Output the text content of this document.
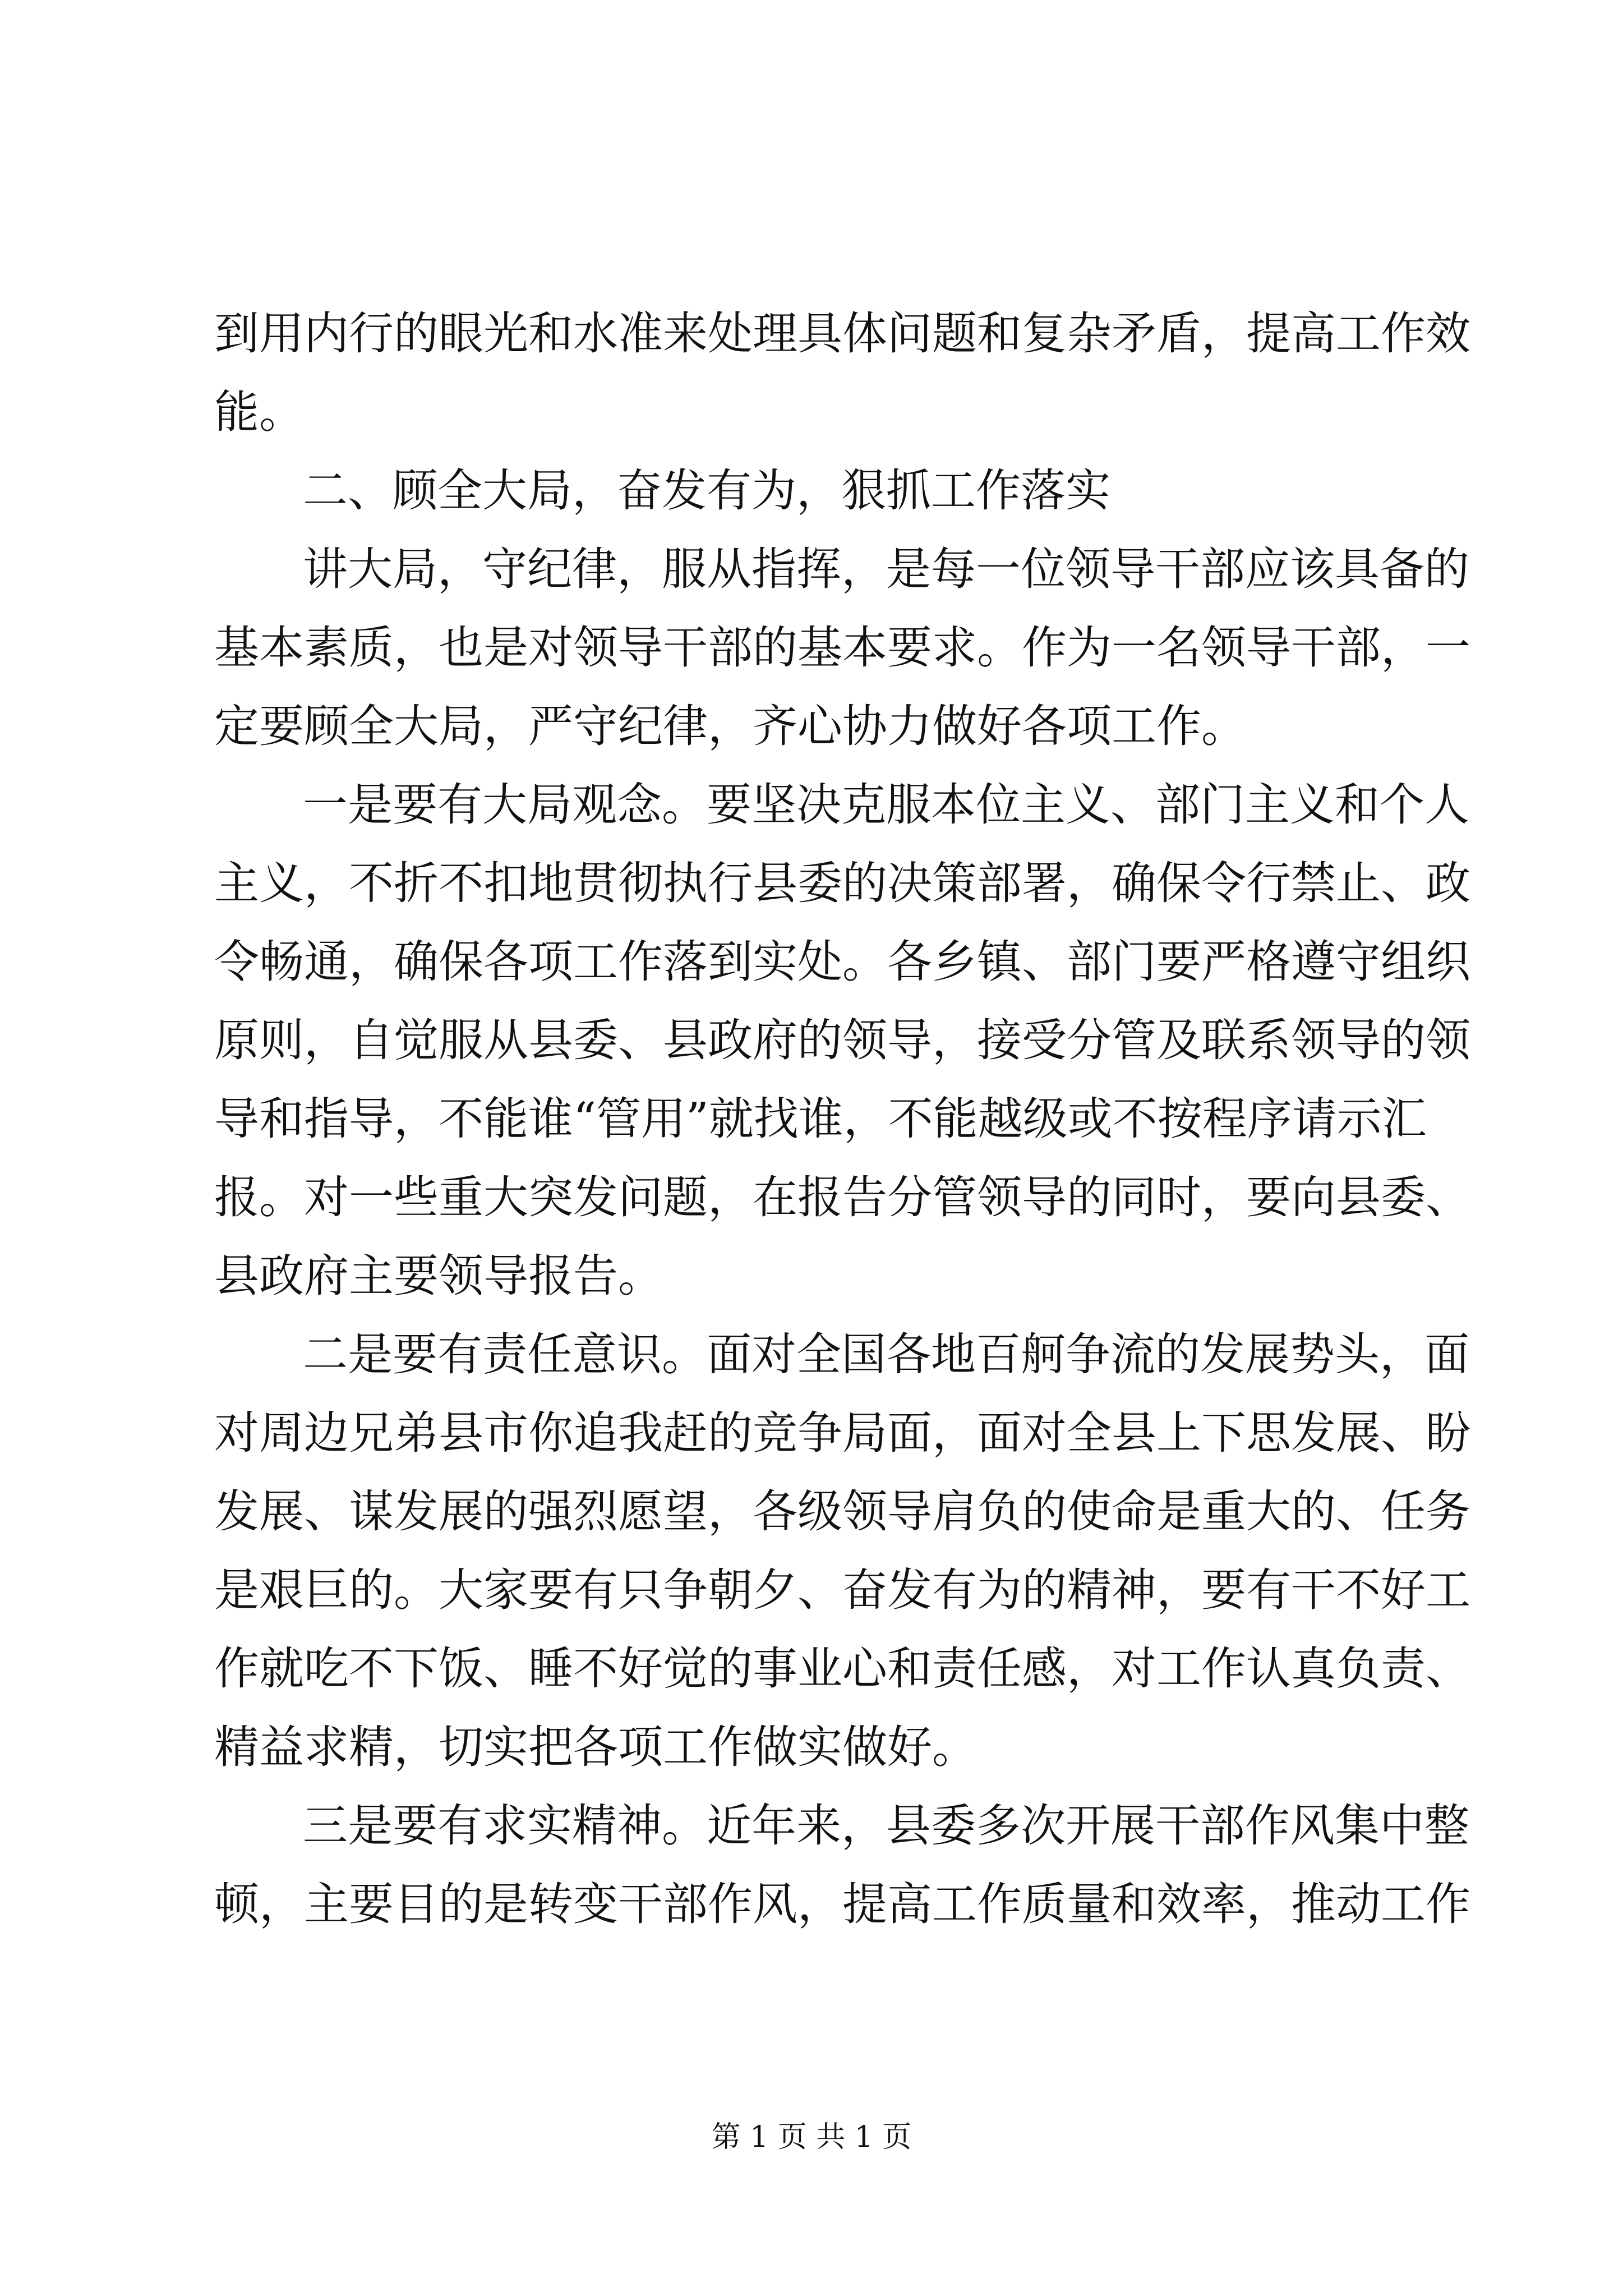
到用内行的眼光和水准来处理具体问题和复杂矛盾，提高工作效
能。
二、顾全大局，奋发有为，狠抓工作落实
讲大局，守纪律，服从指挥，是每一位领导干部应该具备的
基本素质，也是对领导干部的基本要求。作为一名领导干部，一
定要顾全大局，严守纪律，齐心协力做好各项工作。
一是要有大局观念。要坚决克服本位主义、部门主义和个人
主义，不折不扣地贯彻执行县委的决策部署，确保令行禁止、政
令畅通，确保各项工作落到实处。各乡镇、部门要严格遵守组织
原则，自觉服从县委、县政府的领导，接受分管及联系领导的领
导和指导，不能谁“管用”就找谁，不能越级或不按程序请示汇
报。对一些重大突发问题，在报告分管领导的同时，要向县委、
县政府主要领导报告。
二是要有责任意识。面对全国各地百舸争流的发展势头，面
对周边兄弟县市你追我赶的竞争局面，面对全县上下思发展、盼
发展、谋发展的强烈愿望，各级领导肩负的使命是重大的、任务
是艰巨的。大家要有只争朝夕、奋发有为的精神，要有干不好工
作就吃不下饭、睡不好觉的事业心和责任感，对工作认真负责、
精益求精，切实把各项工作做实做好。
三是要有求实精神。近年来，县委多次开展干部作风集中整
顿，主要目的是转变干部作风，提高工作质量和效率，推动工作
第 1 页 共 1 页
